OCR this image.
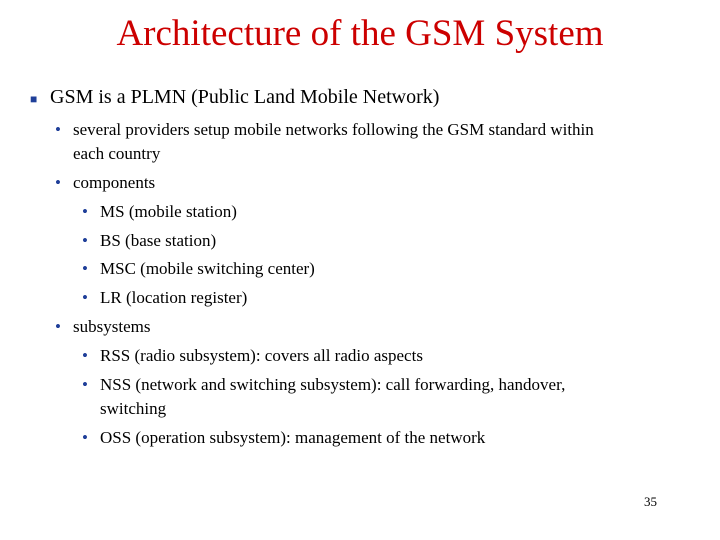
Architecture of the GSM System
■ GSM is a PLMN (Public Land Mobile Network)
• several providers setup mobile networks following the GSM standard within
each country
• components
• MS (mobile station)
• BS (base station)
• MSC (mobile switching center)
• LR (location register)
• subsystems
• RSS (radio subsystem): covers all radio aspects
• NSS (network and switching subsystem): call forwarding, handover,
switching
• OSS (operation subsystem): management of the network
35
